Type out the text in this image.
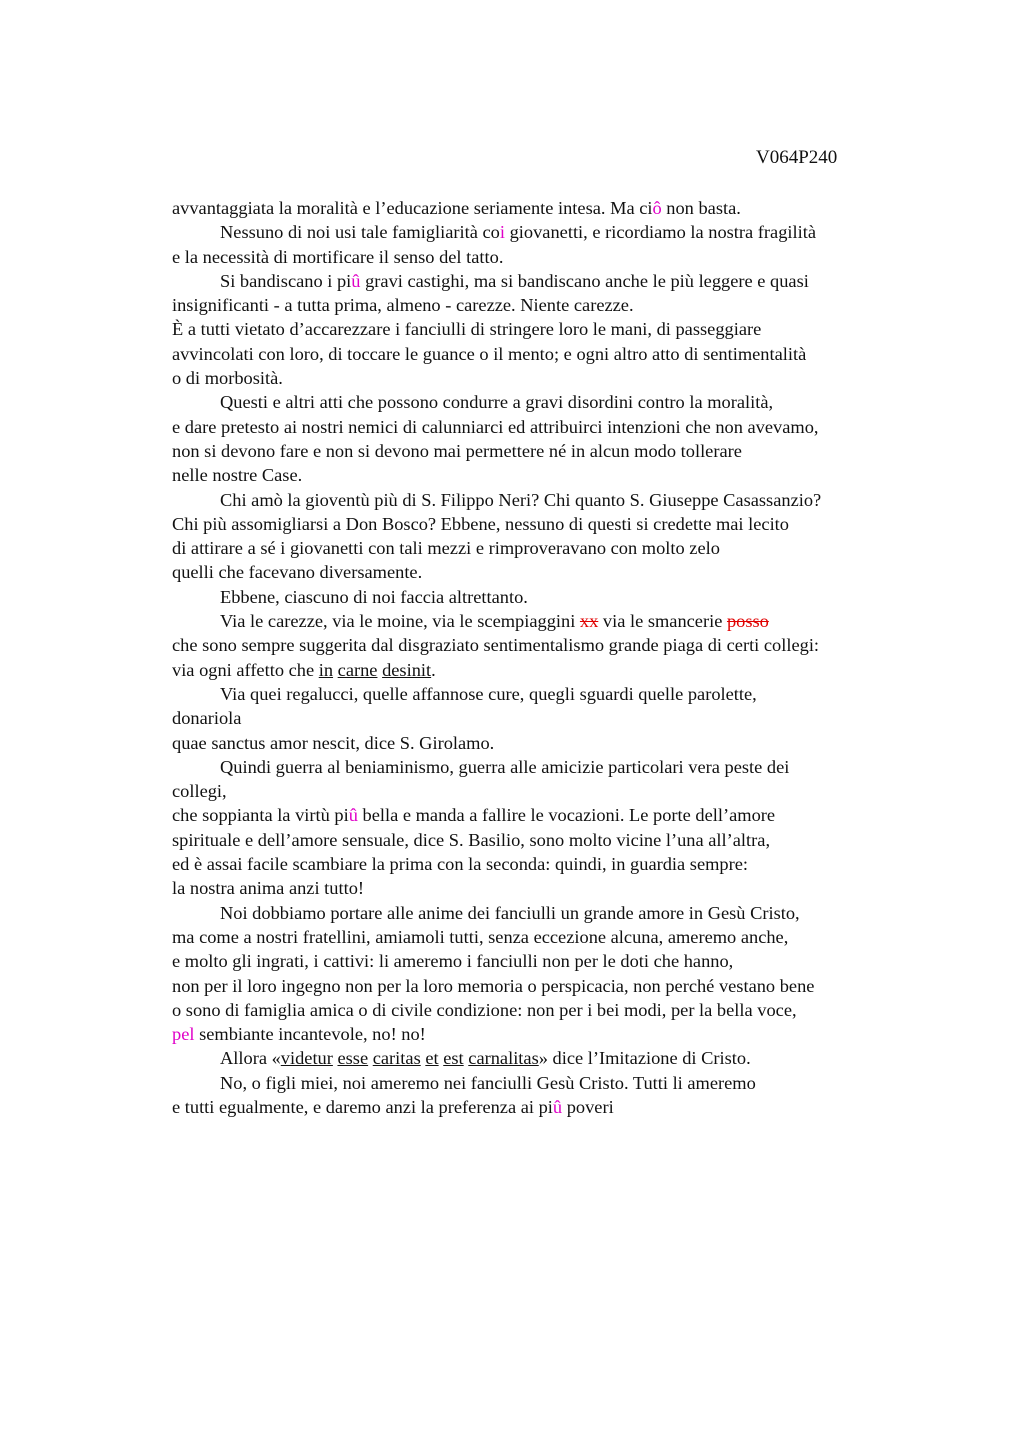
V064P240
avvantaggiata la moralità e l’educazione seriamente intesa. Ma ciô non basta.
Nessuno di noi usi tale famigliarità coi giovanetti, e ricordiamo la nostra fragilità
e la necessità di mortificare il senso del tatto.
Si bandiscano i piû gravi castighi, ma si bandiscano anche le più leggere e quasi
insignificanti - a tutta prima, almeno - carezze. Niente carezze.
È a tutti vietato d’accarezzare i fanciulli di stringere loro le mani, di passeggiare
avvincolati con loro, di toccare le guance o il mento; e ogni altro atto di sentimentalità
o di morbosità.
Questi e altri atti che possono condurre a gravi disordini contro la moralità,
e dare pretesto ai nostri nemici di calunniarci ed attribuirci intenzioni che non avevamo,
non si devono fare e non si devono mai permettere né in alcun modo tollerare
nelle nostre Case.
Chi amò la gioventù più di S. Filippo Neri? Chi quanto S. Giuseppe Casassanzio?
Chi più assomigliarsi a Don Bosco? Ebbene, nessuno di questi si credette mai lecito
di attirare a sé i giovanetti con tali mezzi e rimproveravano con molto zelo
quelli che facevano diversamente.
Ebbene, ciascuno di noi faccia altrettanto.
Via le carezze, via le moine, via le scempiaggini xx via le smancerie posso
che sono sempre suggerita dal disgraziato sentimentalismo grande piaga di certi collegi:
via ogni affetto che in carne desinit.
Via quei regalucci, quelle affannose cure, quegli sguardi quelle parolette,
donariola
quae sanctus amor nescit, dice S. Girolamo.
Quindi guerra al beniaminismo, guerra alle amicizie particolari vera peste dei
collegi,
che soppianta la virtù piû bella e manda a fallire le vocazioni. Le porte dell’amore
spirituale e dell’amore sensuale, dice S. Basilio, sono molto vicine l’una all’altra,
ed è assai facile scambiare la prima con la seconda: quindi, in guardia sempre:
la nostra anima anzi tutto!
Noi dobbiamo portare alle anime dei fanciulli un grande amore in Gesù Cristo,
ma come a nostri fratellini, amiamoli tutti, senza eccezione alcuna, ameremo anche,
e molto gli ingrati, i cattivi: li ameremo i fanciulli non per le doti che hanno,
non per il loro ingegno non per la loro memoria o perspicacia, non perché vestano bene
o sono di famiglia amica o di civile condizione: non per i bei modi, per la bella voce,
pel sembiante incantevole, no! no!
Allora «videtur esse caritas et est carnalitas» dice l’Imitazione di Cristo.
No, o figli miei, noi ameremo nei fanciulli Gesù Cristo. Tutti li ameremo
e tutti egualmente, e daremo anzi la preferenza ai piû poveri
